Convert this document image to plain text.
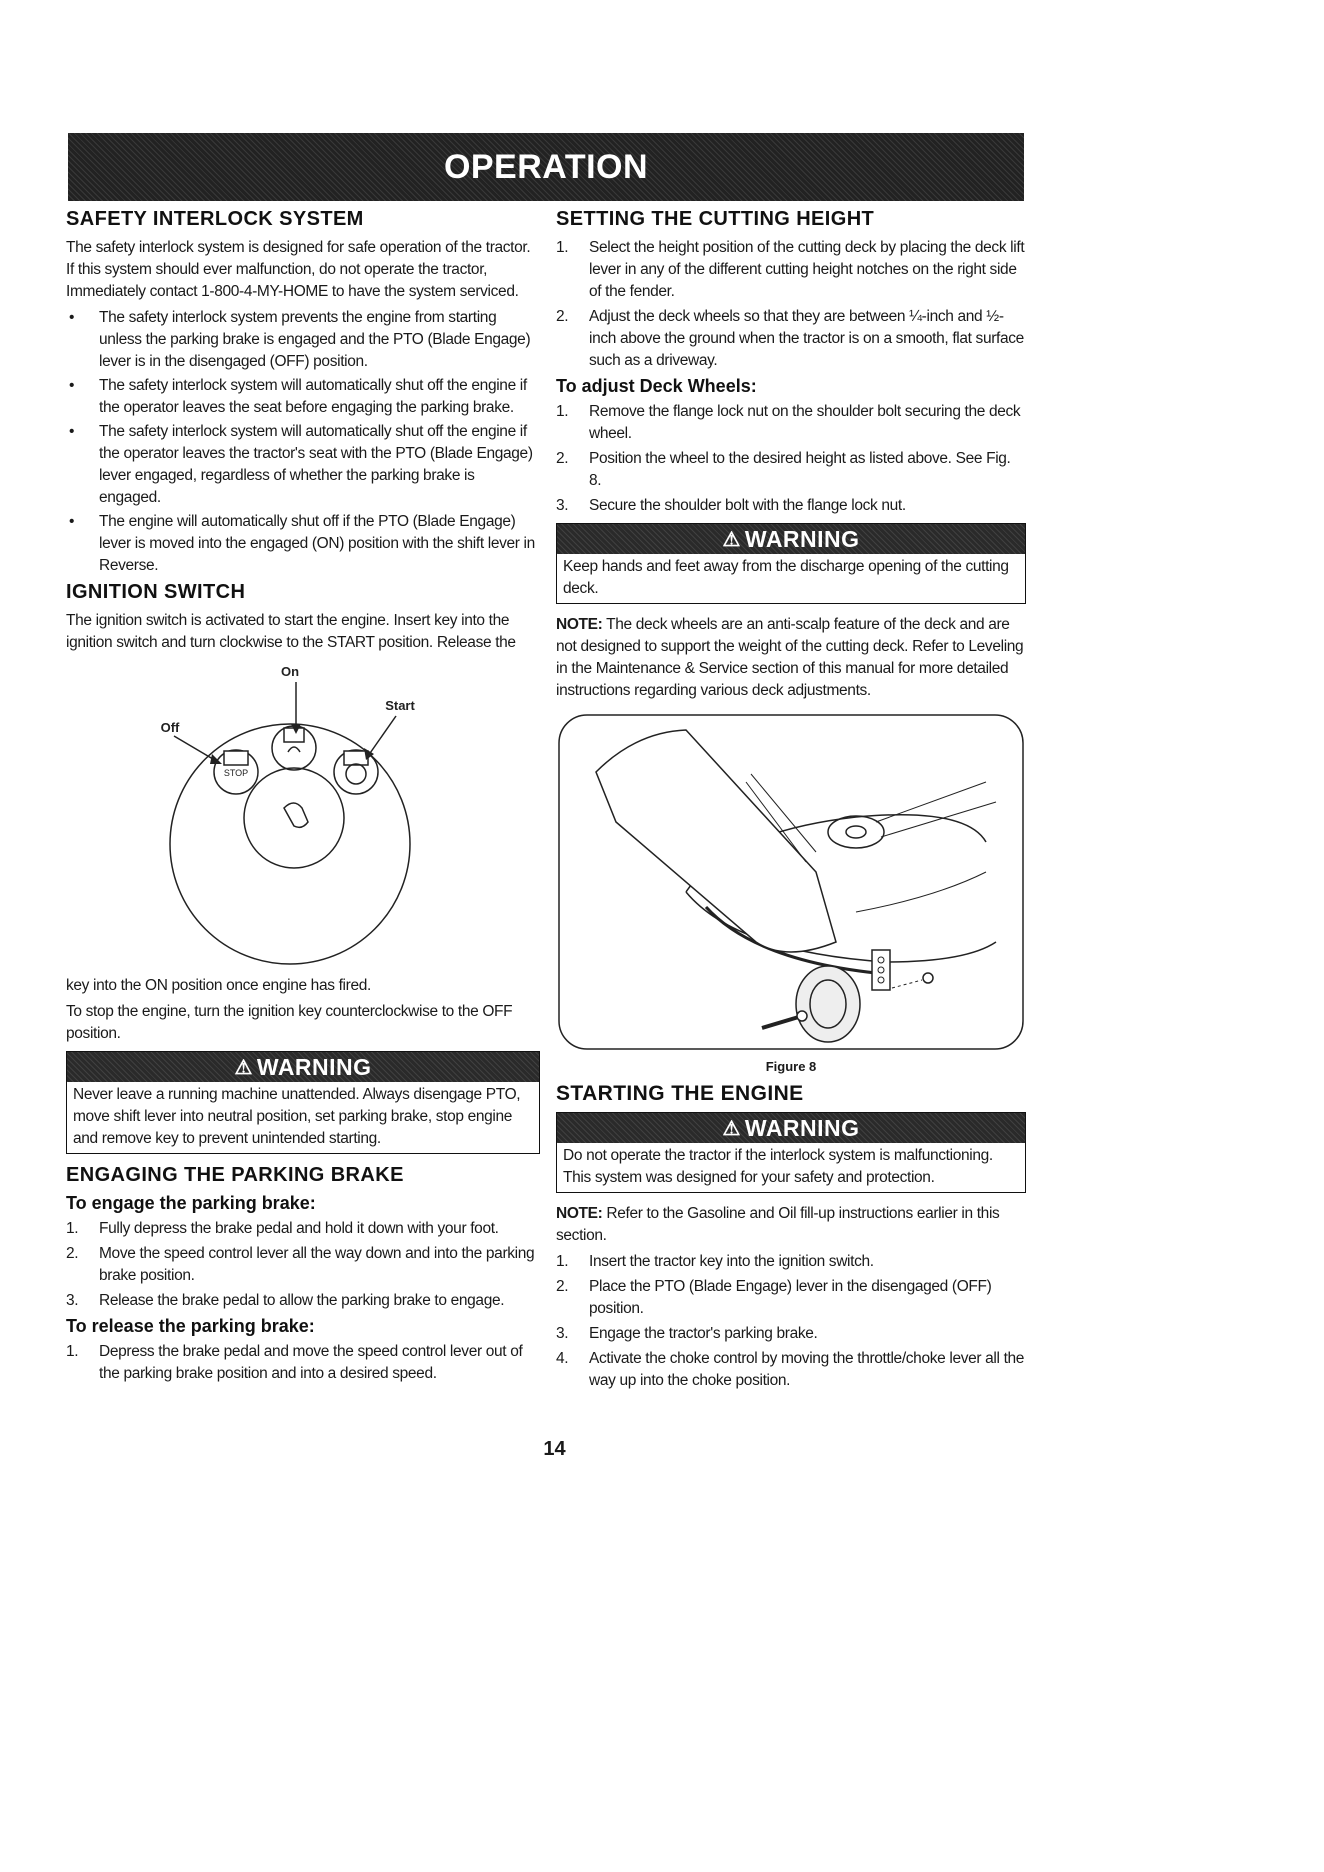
OPERATION
SAFETY INTERLOCK SYSTEM

The safety interlock system is designed for safe operation of the tractor. If this system should ever malfunction, do not operate the tractor, Immediately contact 1-800-4-MY-HOME to have the system serviced.

• The safety interlock system prevents the engine from starting unless the parking brake is engaged and the PTO (Blade Engage) lever is in the disengaged (OFF) position.
• The safety interlock system will automatically shut off the engine if the operator leaves the seat before engaging the parking brake.
• The safety interlock system will automatically shut off the engine if the operator leaves the tractor's seat with the PTO (Blade Engage) lever engaged, regardless of whether the parking brake is engaged.
• The engine will automatically shut off if the PTO (Blade Engage) lever is moved into the engaged (ON) position with the shift lever in Reverse.
IGNITION SWITCH

The ignition switch is activated to start the engine. Insert key into the ignition switch and turn clockwise to the START position. Release the

STOP
On
Start
Off

key into the ON position once engine has fired.

To stop the engine, turn the ignition key counterclockwise to the OFF position.

⚠ WARNING
Never leave a running machine unattended. Always disengage PTO, move shift lever into neutral position, set parking brake, stop engine and remove key to prevent unintended starting.
ENGAGING THE PARKING BRAKE
To engage the parking brake:
1. Fully depress the brake pedal and hold it down with your foot.
2. Move the speed control lever all the way down and into the parking brake position.
3. Release the brake pedal to allow the parking brake to engage.
To release the parking brake:
1. Depress the brake pedal and move the speed control lever out of the parking brake position and into a desired speed.
SETTING THE CUTTING HEIGHT
1. Select the height position of the cutting deck by placing the deck lift lever in any of the different cutting height notches on the right side of the fender.
2. Adjust the deck wheels so that they are between ¼-inch and ½-inch above the ground when the tractor is on a smooth, flat surface such as a driveway.
To adjust Deck Wheels:
1. Remove the flange lock nut on the shoulder bolt securing the deck wheel.
2. Position the wheel to the desired height as listed above. See Fig. 8.
3. Secure the shoulder bolt with the flange lock nut.
⚠ WARNING
Keep hands and feet away from the discharge opening of the cutting deck.

NOTE: The deck wheels are an anti-scalp feature of the deck and are not designed to support the weight of the cutting deck. Refer to Leveling in the Maintenance & Service section of this manual for more detailed instructions regarding various deck adjustments.

Figure 8
STARTING THE ENGINE
⚠ WARNING
Do not operate the tractor if the interlock system is malfunctioning. This system was designed for your safety and protection.

NOTE: Refer to the Gasoline and Oil fill-up instructions earlier in this section.

1. Insert the tractor key into the ignition switch.
2. Place the PTO (Blade Engage) lever in the disengaged (OFF) position.
3. Engage the tractor's parking brake.
4. Activate the choke control by moving the throttle/choke lever all the way up into the choke position.
14
